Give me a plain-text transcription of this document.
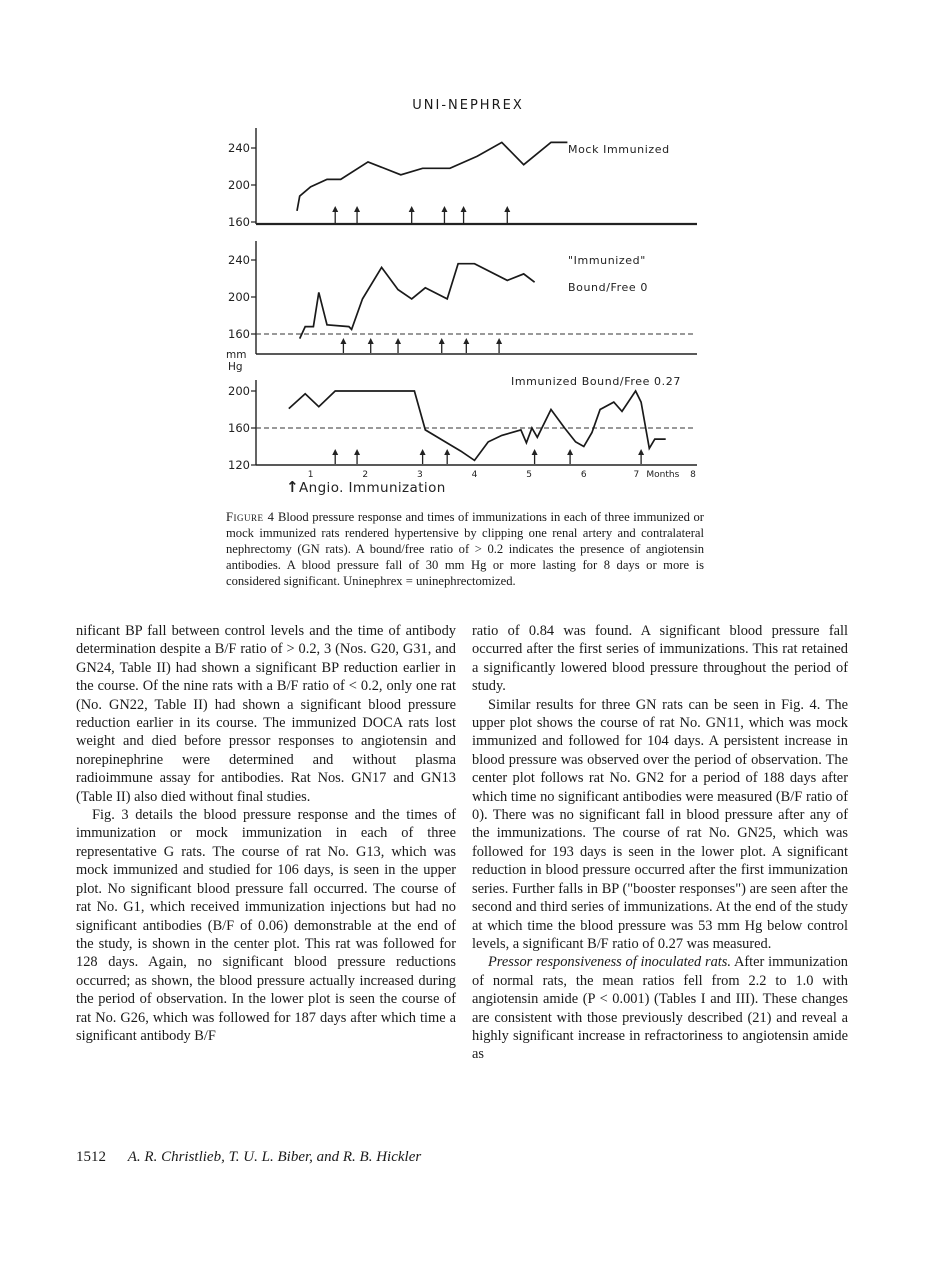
UNI-NEPHREX
240
200
160
Mock Immunized
240
200
160
"Immunized"
Bound/Free 0
200
160
120
Immunized Bound/Free 0.27
mm
Hg
1	2	3	4	5	6	7 Months 8
↑ Angio. Immunization
Figure 4 Blood pressure response and times of immunizations in each of three immunized or mock immunized rats rendered hypertensive by clipping one renal artery and contralateral nephrectomy (GN rats). A bound/free ratio of > 0.2 indicates the presence of angiotensin antibodies. A blood pressure fall of 30 mm Hg or more lasting for 8 days or more is considered significant. Uninephrex = uninephrectomized.

nificant BP fall between control levels and the time of antibody determination despite a B/F ratio of > 0.2, 3 (Nos. G20, G31, and GN24, Table II) had shown a significant BP reduction earlier in the course. Of the nine rats with a B/F ratio of < 0.2, only one rat (No. GN22, Table II) had shown a significant blood pressure reduction earlier in its course. The immunized DOCA rats lost weight and died before pressor responses to angiotensin and norepinephrine were determined and without plasma radioimmune assay for antibodies. Rat Nos. GN17 and GN13 (Table II) also died without final studies.

Fig. 3 details the blood pressure response and the times of immunization or mock immunization in each of three representative G rats. The course of rat No. G13, which was mock immunized and studied for 106 days, is seen in the upper plot. No significant blood pressure fall occurred. The course of rat No. G1, which received immunization injections but had no significant antibodies (B/F of 0.06) demonstrable at the end of the study, is shown in the center plot. This rat was followed for 128 days. Again, no significant blood pressure reductions occurred; as shown, the blood pressure actually increased during the period of observation. In the lower plot is seen the course of rat No. G26, which was followed for 187 days after which time a significant antibody B/F

ratio of 0.84 was found. A significant blood pressure fall occurred after the first series of immunizations. This rat retained a significantly lowered blood pressure throughout the period of study.

Similar results for three GN rats can be seen in Fig. 4. The upper plot shows the course of rat No. GN11, which was mock immunized and followed for 104 days. A persistent increase in blood pressure was observed over the period of observation. The center plot follows rat No. GN2 for a period of 188 days after which time no significant antibodies were measured (B/F ratio of 0). There was no significant fall in blood pressure after any of the immunizations. The course of rat No. GN25, which was followed for 193 days is seen in the lower plot. A significant reduction in blood pressure occurred after the first immunization series. Further falls in BP ("booster responses") are seen after the second and third series of immunizations. At the end of the study at which time the blood pressure was 53 mm Hg below control levels, a significant B/F ratio of 0.27 was measured.

Pressor responsiveness of inoculated rats. After immunization of normal rats, the mean ratios fell from 2.2 to 1.0 with angiotensin amide (P < 0.001) (Tables I and III). These changes are consistent with those previously described (21) and reveal a highly significant increase in refractoriness to angiotensin amide as

1512 A. R. Christlieb, T. U. L. Biber, and R. B. Hickler
